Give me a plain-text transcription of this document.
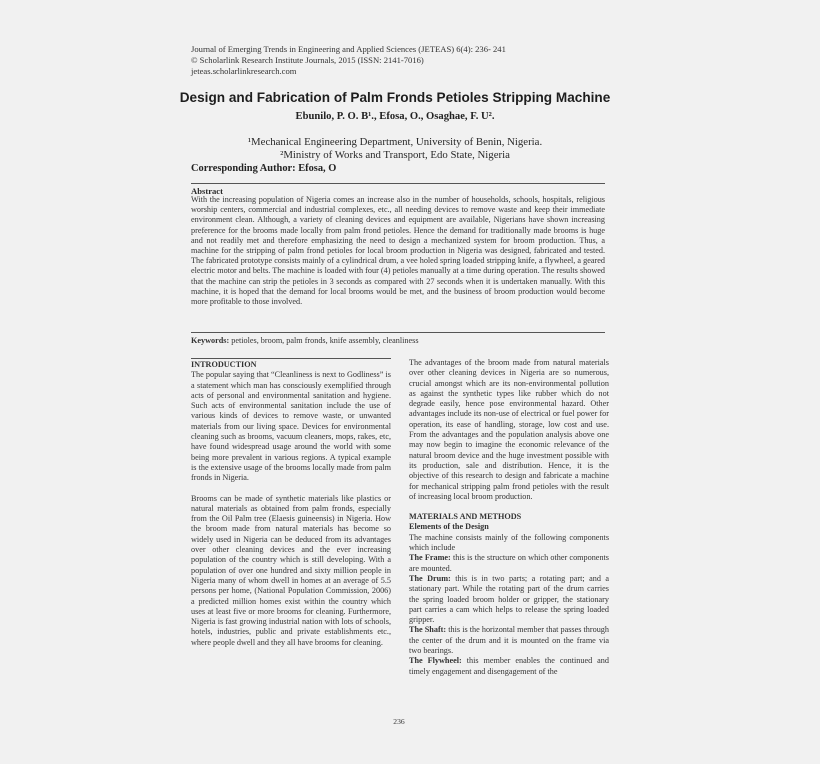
Journal of Emerging Trends in Engineering and Applied Sciences (JETEAS) 6(4): 236- 241
© Scholarlink Research Institute Journals, 2015 (ISSN: 2141-7016)
jeteas.scholarlinkresearch.com
Design and Fabrication of Palm Fronds Petioles Stripping Machine
Ebunilo, P. O. B¹., Efosa, O., Osaghae, F. U².
¹Mechanical Engineering Department, University of Benin, Nigeria.
²Ministry of Works and Transport, Edo State, Nigeria
Corresponding Author: Efosa, O
Abstract
With the increasing population of Nigeria comes an increase also in the number of households, schools, hospitals, religious worship centers, commercial and industrial complexes, etc., all needing devices to remove waste and keep their immediate environment clean. Although, a variety of cleaning devices and equipment are available, Nigerians have shown increasing preference for the brooms made locally from palm frond petioles. Hence the demand for traditionally made brooms is huge and not readily met and therefore emphasizing the need to design a mechanized system for broom production. Thus, a machine for the stripping of palm frond petioles for local broom production in Nigeria was designed, fabricated and tested. The fabricated prototype consists mainly of a cylindrical drum, a vee holed spring loaded stripping knife, a flywheel, a geared electric motor and belts. The machine is loaded with four (4) petioles manually at a time during operation. The results showed that the machine can strip the petioles in 3 seconds as compared with 27 seconds when it is undertaken manually. With this machine, it is hoped that the demand for local brooms would be met, and the business of broom production would become more profitable to those involved.
Keywords: petioles, broom, palm fronds, knife assembly, cleanliness
INTRODUCTION

The popular saying that “Cleanliness is next to Godliness” is a statement which man has consciously exemplified through acts of personal and environmental sanitation and hygiene. Such acts of environmental sanitation include the use of various kinds of devices to remove waste, or unwanted materials from our living space. Devices for environmental cleaning such as brooms, vacuum cleaners, mops, rakes, etc, have found widespread usage around the world with some being more prevalent in various regions. A typical example is the extensive usage of the brooms locally made from palm fronds in Nigeria.

Brooms can be made of synthetic materials like plastics or natural materials as obtained from palm fronds, especially from the Oil Palm tree (Elaesis guineensis) in Nigeria. How the broom made from natural materials has become so widely used in Nigeria can be deduced from its advantages over other cleaning devices and the ever increasing population of the country which is still developing. With a population of over one hundred and sixty million people in Nigeria many of whom dwell in homes at an average of 5.5 persons per home, (National Population Commission, 2006) a predicted million homes exist within the country which uses at least five or more brooms for cleaning. Furthermore, Nigeria is fast growing industrial nation with lots of schools, hotels, industries, public and private establishments etc., where people dwell and they all have brooms for cleaning.

The advantages of the broom made from natural materials over other cleaning devices in Nigeria are so numerous, crucial amongst which are its non-environmental pollution as against the synthetic types like rubber which do not degrade easily, hence pose environmental hazard. Other advantages include its non-use of electrical or fuel power for operation, its ease of handling, storage, low cost and use. From the advantages and the population analysis above one may now begin to imagine the economic relevance of the natural broom device and the huge investment possible with its production, sale and distribution. Hence, it is the objective of this research to design and fabricate a machine for mechanical stripping palm frond petioles with the result of increasing local broom production.

MATERIALS AND METHODS

Elements of the Design

The machine consists mainly of the following components which include

The Frame: this is the structure on which other components are mounted.

The Drum: this is in two parts; a rotating part; and a stationary part. While the rotating part of the drum carries the spring loaded broom holder or gripper, the stationary part carries a cam which helps to release the spring loaded gripper.

The Shaft: this is the horizontal member that passes through the center of the drum and it is mounted on the frame via two bearings.

The Flywheel: this member enables the continued and timely engagement and disengagement of the

236
